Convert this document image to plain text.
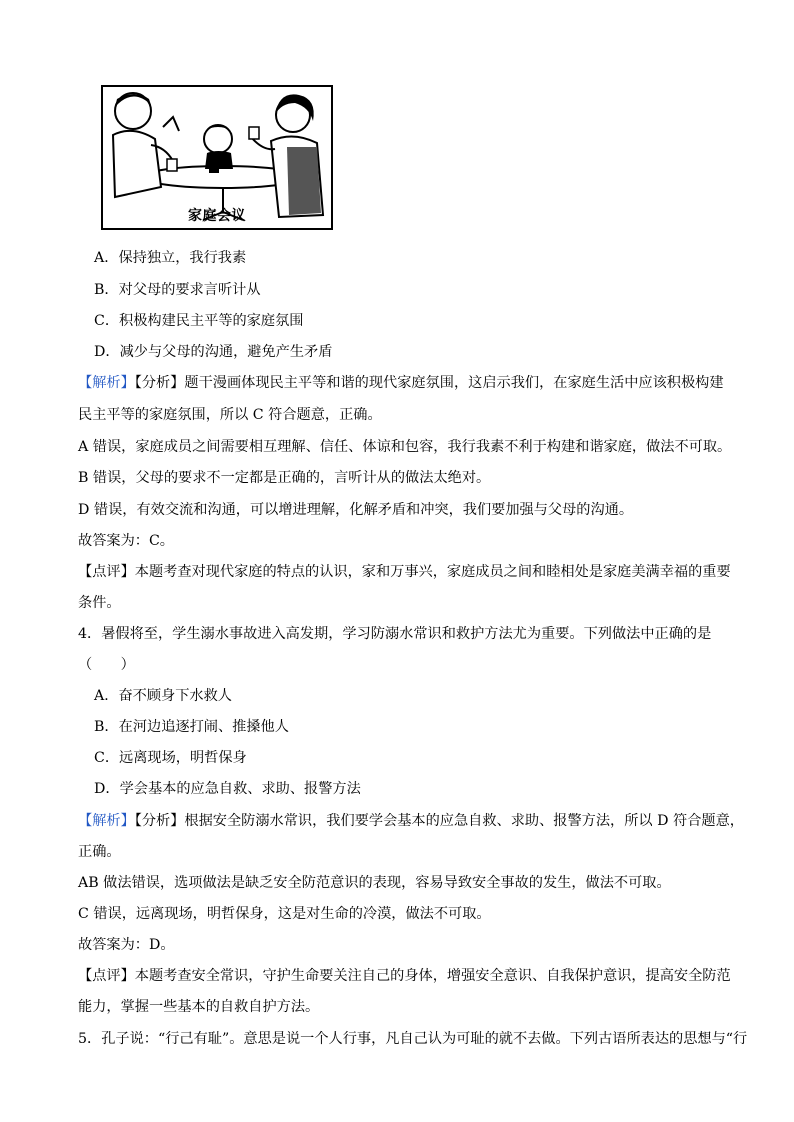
家庭会议
A．保持独立，我行我素
B．对父母的要求言听计从
C．积极构建民主平等的家庭氛围
D．减少与父母的沟通，避免产生矛盾
【解析】【分析】题干漫画体现民主平等和谐的现代家庭氛围，这启示我们，在家庭生活中应该积极构建
民主平等的家庭氛围，所以 C 符合题意，正确。
A 错误，家庭成员之间需要相互理解、信任、体谅和包容，我行我素不利于构建和谐家庭，做法不可取。
B 错误，父母的要求不一定都是正确的，言听计从的做法太绝对。
D 错误，有效交流和沟通，可以增进理解，化解矛盾和冲突，我们要加强与父母的沟通。
故答案为：C。
【点评】本题考查对现代家庭的特点的认识，家和万事兴，家庭成员之间和睦相处是家庭美满幸福的重要
条件。
4．暑假将至，学生溺水事故进入高发期，学习防溺水常识和救护方法尤为重要。下列做法中正确的是
（　　）
A．奋不顾身下水救人
B．在河边追逐打闹、推搡他人
C．远离现场，明哲保身
D．学会基本的应急自救、求助、报警方法
【解析】【分析】根据安全防溺水常识，我们要学会基本的应急自救、求助、报警方法，所以 D 符合题意，
正确。
AB 做法错误，选项做法是缺乏安全防范意识的表现，容易导致安全事故的发生，做法不可取。
C 错误，远离现场，明哲保身，这是对生命的冷漠，做法不可取。
故答案为：D。
【点评】本题考查安全常识，守护生命要关注自己的身体，增强安全意识、自我保护意识，提高安全防范
能力，掌握一些基本的自救自护方法。
5．孔子说：“行己有耻”。意思是说一个人行事，凡自己认为可耻的就不去做。下列古语所表达的思想与“行
